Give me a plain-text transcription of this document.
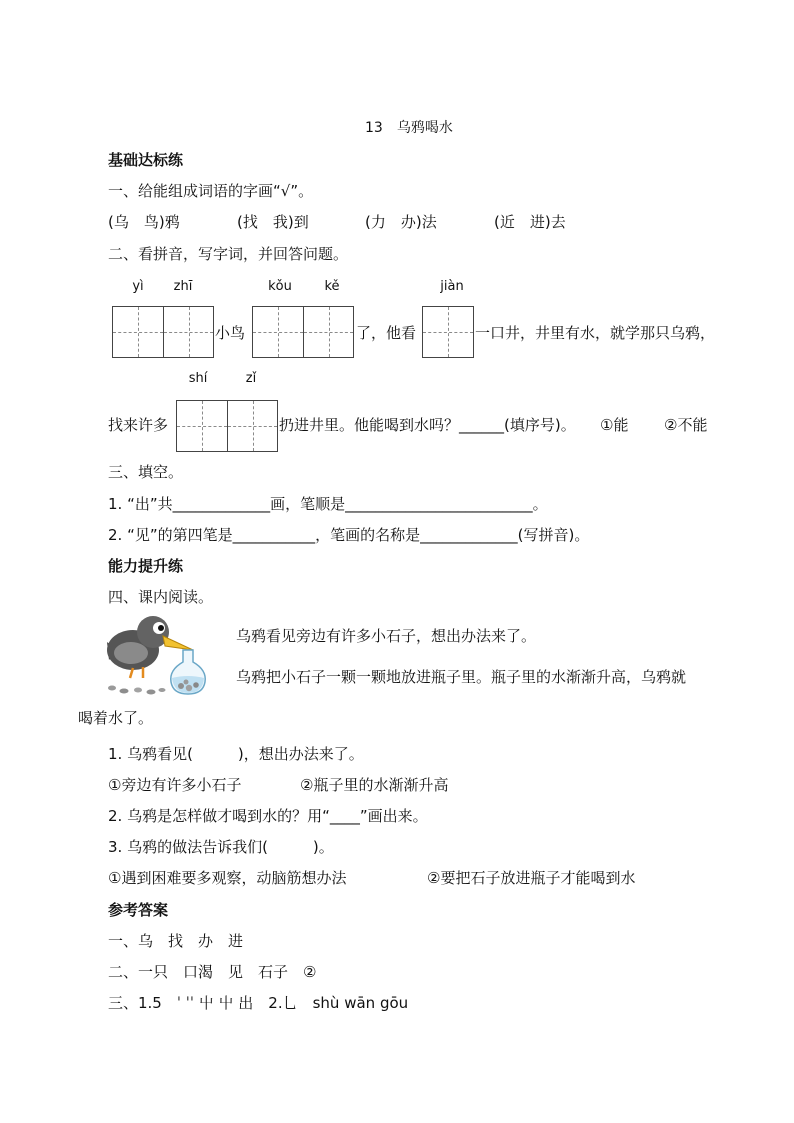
13　乌鸦喝水
基础达标练
一、给能组成词语的字画“√”。
(乌　鸟)鸦	(找　我)到	(力　办)法	(近　进)去
二、看拼音，写字词，并回答问题。
yì zhī	kǒu	kě	jiàn
小鸟	了，他看	一口井，井里有水，就学那只乌鸦，
shí	zǐ
找来许多	扔进井里。他能喝到水吗？______(填序号)。 ①能 ②不能
三、填空。
1. “出”共_____________画，笔顺是_________________________。
2. “见”的第四笔是___________，笔画的名称是_____________(写拼音)。
能力提升练
四、课内阅读。
乌鸦看见旁边有许多小石子，想出办法来了。
乌鸦把小石子一颗一颗地放进瓶子里。瓶子里的水渐渐升高，乌鸦就
喝着水了。
1. 乌鸦看见(　　　)，想出办法来了。
①旁边有许多小石子	②瓶子里的水渐渐升高
2. 乌鸦是怎样做才喝到水的？用“____”画出来。
3. 乌鸦的做法告诉我们(　　　)。
①遇到困难要多观察，动脑筋想办法	②要把石子放进瓶子才能喝到水
参考答案
一、乌　找　办　进
二、一只　口渴　见　石子　②
三、1.5　ˈ ˈˈ 屮 屮 出　2.乚　shù wān gōu
